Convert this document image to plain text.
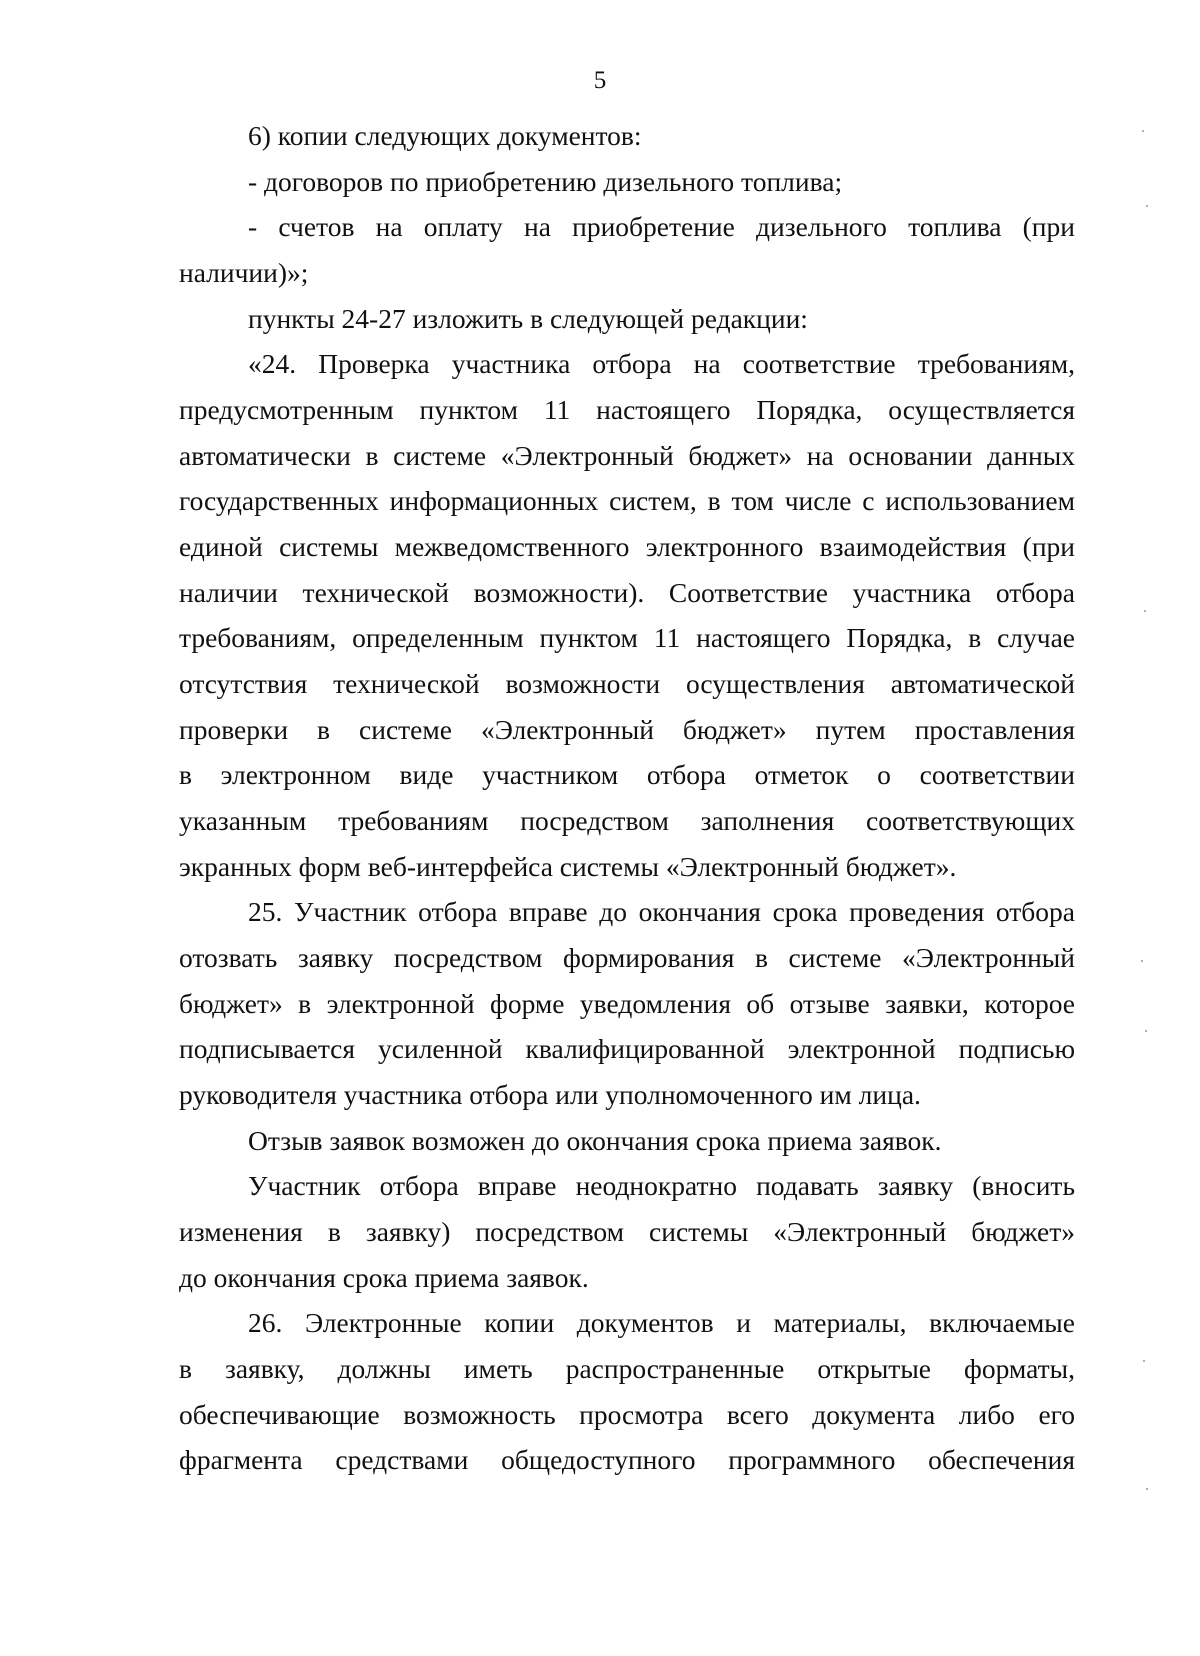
5
6) копии следующих документов:
- договоров по приобретению дизельного топлива;
- счетов на оплату на приобретение дизельного топлива (при
наличии)»;
пункты 24-27 изложить в следующей редакции:
«24. Проверка участника отбора на соответствие требованиям,
предусмотренным пунктом 11 настоящего Порядка, осуществляется
автоматически в системе «Электронный бюджет» на основании данных
государственных информационных систем, в том числе с использованием
единой системы межведомственного электронного взаимодействия (при
наличии технической возможности). Соответствие участника отбора
требованиям, определенным пунктом 11 настоящего Порядка, в случае
отсутствия технической возможности осуществления автоматической
проверки в системе «Электронный бюджет» путем проставления
в электронном виде участником отбора отметок о соответствии
указанным требованиям посредством заполнения соответствующих
экранных форм веб-интерфейса системы «Электронный бюджет».
25. Участник отбора вправе до окончания срока проведения отбора
отозвать заявку посредством формирования в системе «Электронный
бюджет» в электронной форме уведомления об отзыве заявки, которое
подписывается усиленной квалифицированной электронной подписью
руководителя участника отбора или уполномоченного им лица.
Отзыв заявок возможен до окончания срока приема заявок.
Участник отбора вправе неоднократно подавать заявку (вносить
изменения в заявку) посредством системы «Электронный бюджет»
до окончания срока приема заявок.
26. Электронные копии документов и материалы, включаемые
в заявку, должны иметь распространенные открытые форматы,
обеспечивающие возможность просмотра всего документа либо его
фрагмента средствами общедоступного программного обеспечения
